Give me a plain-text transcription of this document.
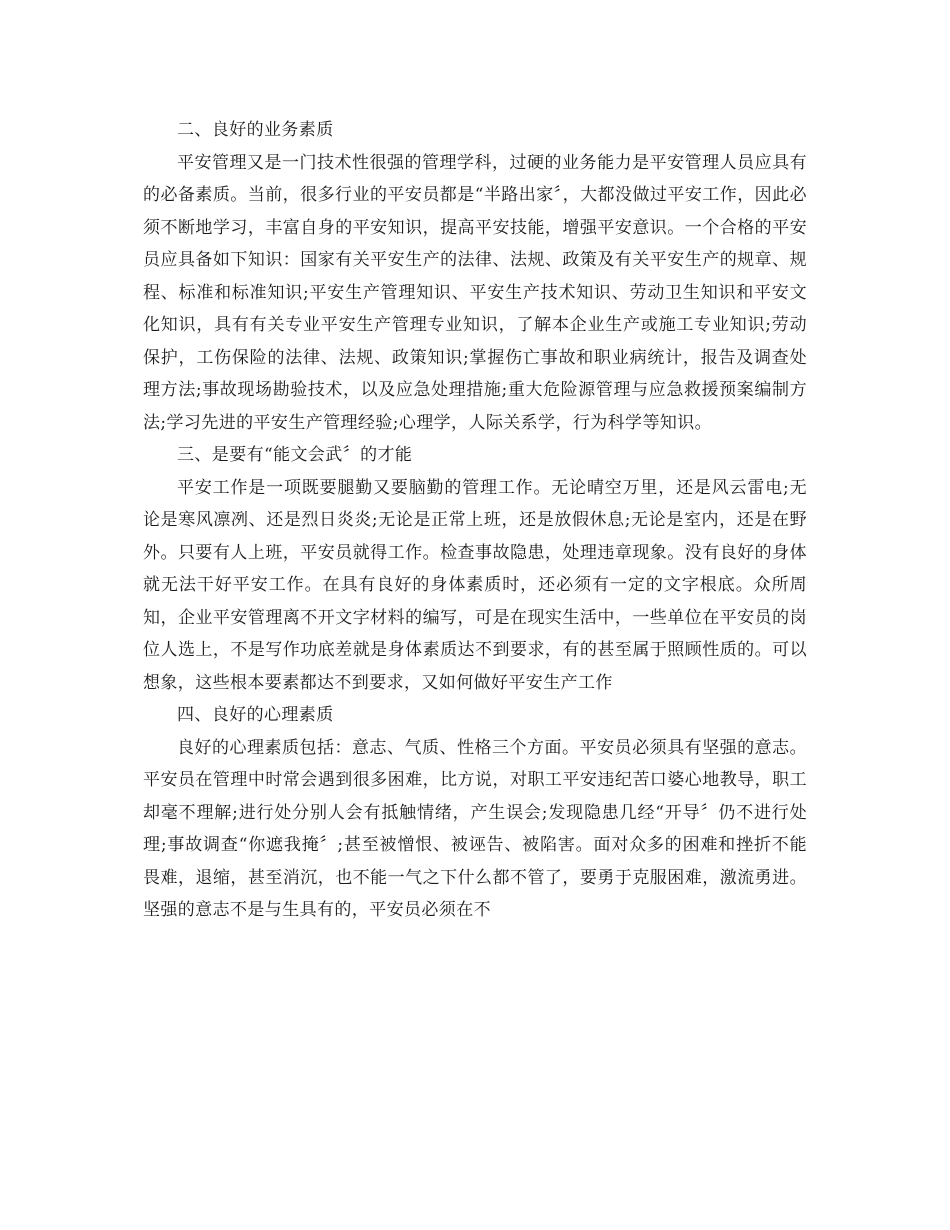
二、良好的业务素质

平安管理又是一门技术性很强的管理学科，过硬的业务能力是平安管理人员应具有的必备素质。当前，很多行业的平安员都是“半路出家〞，大都没做过平安工作，因此必须不断地学习，丰富自身的平安知识，提高平安技能，增强平安意识。一个合格的平安员应具备如下知识：国家有关平安生产的法律、法规、政策及有关平安生产的规章、规程、标准和标准知识;平安生产管理知识、平安生产技术知识、劳动卫生知识和平安文化知识，具有有关专业平安生产管理专业知识，了解本企业生产或施工专业知识;劳动保护，工伤保险的法律、法规、政策知识;掌握伤亡事故和职业病统计，报告及调查处理方法;事故现场勘验技术，以及应急处理措施;重大危险源管理与应急救援预案编制方法;学习先进的平安生产管理经验;心理学，人际关系学，行为科学等知识。

三、是要有“能文会武〞的才能

平安工作是一项既要腿勤又要脑勤的管理工作。无论晴空万里，还是风云雷电;无论是寒风凛冽、还是烈日炎炎;无论是正常上班，还是放假休息;无论是室内，还是在野外。只要有人上班，平安员就得工作。检查事故隐患，处理违章现象。没有良好的身体就无法干好平安工作。在具有良好的身体素质时，还必须有一定的文字根底。众所周知，企业平安管理离不开文字材料的编写，可是在现实生活中，一些单位在平安员的岗位人选上，不是写作功底差就是身体素质达不到要求，有的甚至属于照顾性质的。可以想象，这些根本要素都达不到要求，又如何做好平安生产工作

四、良好的心理素质

良好的心理素质包括：意志、气质、性格三个方面。平安员必须具有坚强的意志。平安员在管理中时常会遇到很多困难，比方说，对职工平安违纪苦口婆心地教导，职工却毫不理解;进行处分别人会有抵触情绪，产生误会;发现隐患几经“开导〞仍不进行处理;事故调查“你遮我掩〞;甚至被憎恨、被诬告、被陷害。面对众多的困难和挫折不能畏难，退缩，甚至消沉，也不能一气之下什么都不管了，要勇于克服困难，激流勇进。坚强的意志不是与生具有的，平安员必须在不
